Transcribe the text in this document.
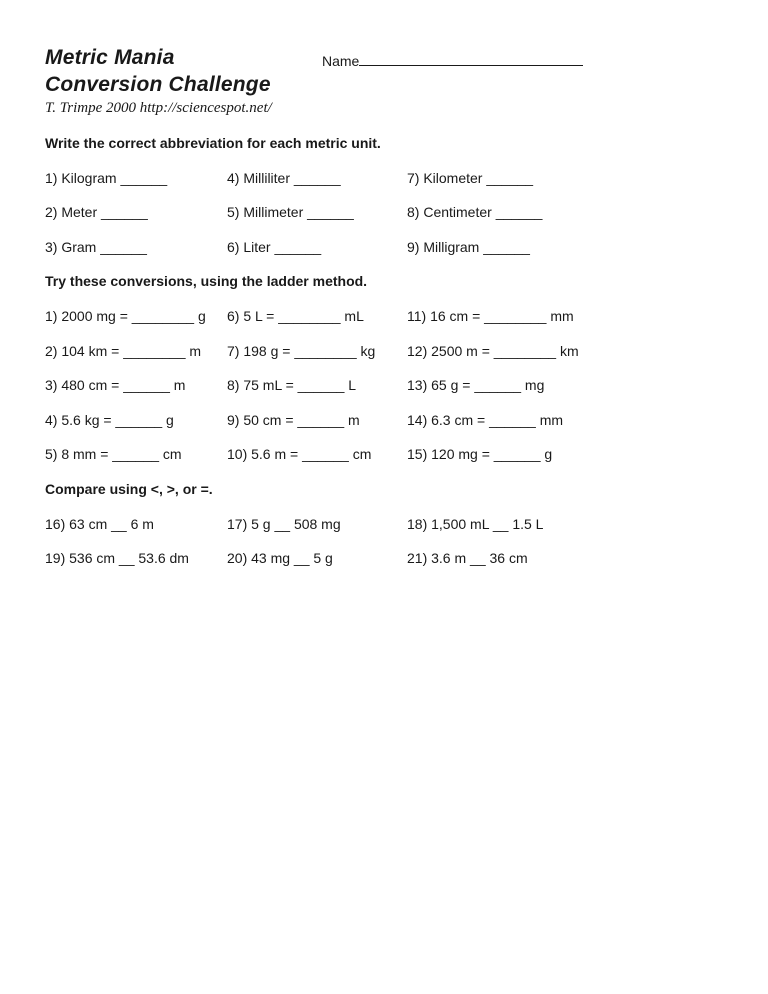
Metric Mania
Conversion Challenge
T. Trimpe 2000 http://sciencespot.net/
Name
Write the correct abbreviation for each metric unit.
1) Kilogram ______	4) Milliliter ______	7) Kilometer ______
2) Meter ______	5) Millimeter ______	8) Centimeter ______
3) Gram ______	6) Liter ______	9) Milligram ______
Try these conversions, using the ladder method.
1) 2000 mg = ________ g	6) 5 L = ________ mL	11) 16 cm = ________ mm
2) 104 km = ________ m	7) 198 g = ________ kg	12) 2500 m = ________ km
3) 480 cm = ______ m	8) 75 mL = ______ L	13) 65 g = ______ mg
4) 5.6 kg = ______ g	9) 50 cm = ______ m	14) 6.3 cm = ______ mm
5) 8 mm = ______ cm	10) 5.6 m = ______ cm	15) 120 mg = ______ g
Compare using <, >, or =.
16) 63 cm __ 6 m	17) 5 g __ 508 mg	18) 1,500 mL __ 1.5 L
19) 536 cm __ 53.6 dm	20) 43 mg __ 5 g	21) 3.6 m __ 36 cm
